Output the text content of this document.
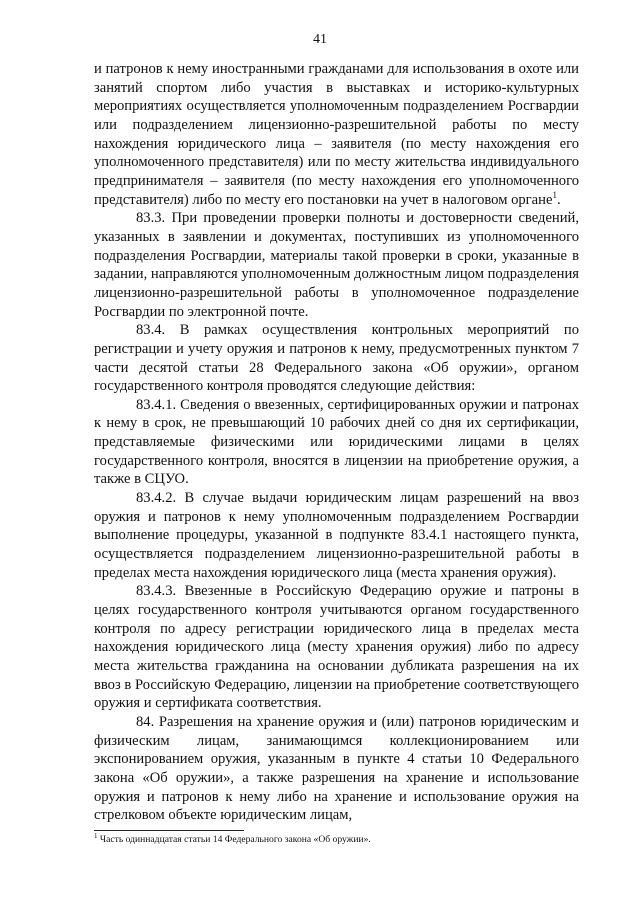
41

и патронов к нему иностранными гражданами для использования в охоте или занятий спортом либо участия в выставках и историко-культурных мероприятиях осуществляется уполномоченным подразделением Росгвардии или подразделением лицензионно-разрешительной работы по месту нахождения юридического лица – заявителя (по месту нахождения его уполномоченного представителя) или по месту жительства индивидуального предпринимателя – заявителя (по месту нахождения его уполномоченного представителя) либо по месту его постановки на учет в налоговом органе$^1$.

83.3. При проведении проверки полноты и достоверности сведений, указанных в заявлении и документах, поступивших из уполномоченного подразделения Росгвардии, материалы такой проверки в сроки, указанные в задании, направляются уполномоченным должностным лицом подразделения лицензионно-разрешительной работы в уполномоченное подразделение Росгвардии по электронной почте.

83.4. В рамках осуществления контрольных мероприятий по регистрации и учету оружия и патронов к нему, предусмотренных пунктом 7 части десятой статьи 28 Федерального закона «Об оружии», органом государственного контроля проводятся следующие действия:

83.4.1. Сведения о ввезенных, сертифицированных оружии и патронах к нему в срок, не превышающий 10 рабочих дней со дня их сертификации, представляемые физическими или юридическими лицами в целях государственного контроля, вносятся в лицензии на приобретение оружия, а также в СЦУО.

83.4.2. В случае выдачи юридическим лицам разрешений на ввоз оружия и патронов к нему уполномоченным подразделением Росгвардии выполнение процедуры, указанной в подпункте 83.4.1 настоящего пункта, осуществляется подразделением лицензионно-разрешительной работы в пределах места нахождения юридического лица (места хранения оружия).

83.4.3. Ввезенные в Российскую Федерацию оружие и патроны в целях государственного контроля учитываются органом государственного контроля по адресу регистрации юридического лица в пределах места нахождения юридического лица (месту хранения оружия) либо по адресу места жительства гражданина на основании дубликата разрешения на их ввоз в Российскую Федерацию, лицензии на приобретение соответствующего оружия и сертификата соответствия.

84. Разрешения на хранение оружия и (или) патронов юридическим и физическим лицам, занимающимся коллекционированием или экспонированием оружия, указанным в пункте 4 статьи 10 Федерального закона «Об оружии», а также разрешения на хранение и использование оружия и патронов к нему либо на хранение и использование оружия на стрелковом объекте юридическим лицам,

$^1$ Часть одиннадцатая статьи 14 Федерального закона «Об оружии».
